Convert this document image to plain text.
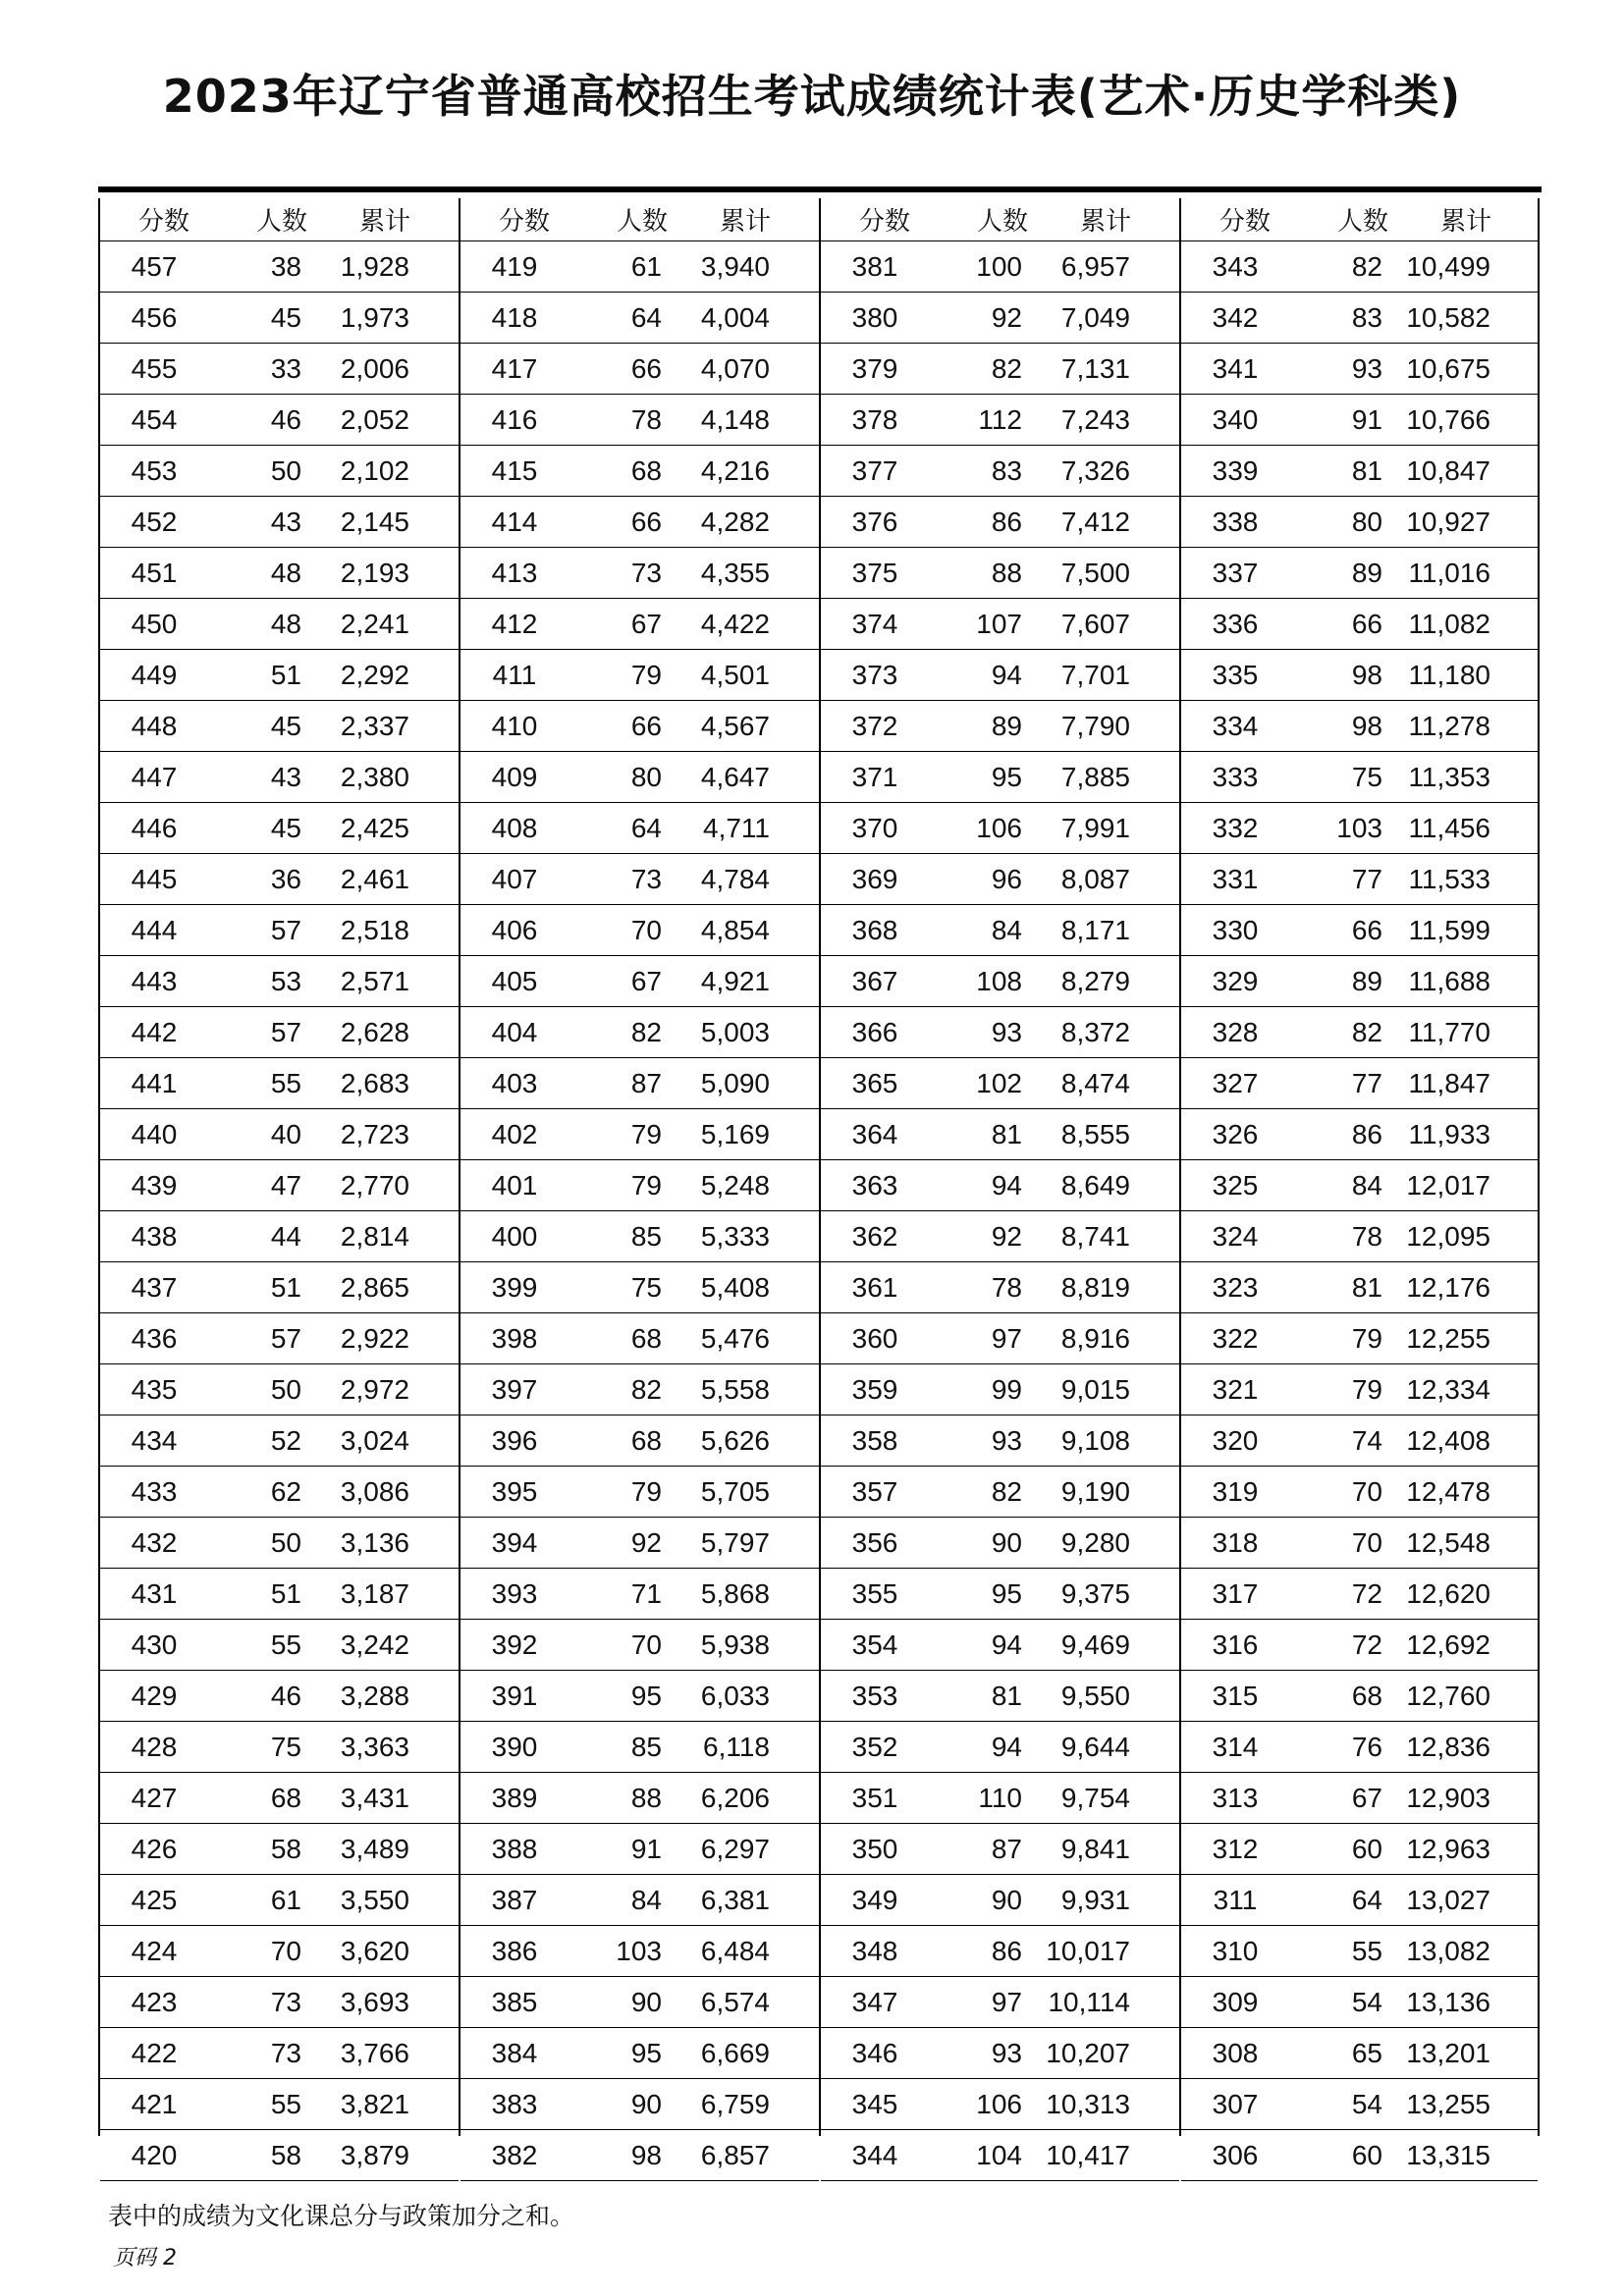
2023年辽宁省普通高校招生考试成绩统计表(艺术·历史学科类)
分数	人数	累计
457	38	1,928
456	45	1,973
455	33	2,006
454	46	2,052
453	50	2,102
452	43	2,145
451	48	2,193
450	48	2,241
449	51	2,292
448	45	2,337
447	43	2,380
446	45	2,425
445	36	2,461
444	57	2,518
443	53	2,571
442	57	2,628
441	55	2,683
440	40	2,723
439	47	2,770
438	44	2,814
437	51	2,865
436	57	2,922
435	50	2,972
434	52	3,024
433	62	3,086
432	50	3,136
431	51	3,187
430	55	3,242
429	46	3,288
428	75	3,363
427	68	3,431
426	58	3,489
425	61	3,550
424	70	3,620
423	73	3,693
422	73	3,766
421	55	3,821
420	58	3,879
分数	人数	累计
419	61	3,940
418	64	4,004
417	66	4,070
416	78	4,148
415	68	4,216
414	66	4,282
413	73	4,355
412	67	4,422
411	79	4,501
410	66	4,567
409	80	4,647
408	64	4,711
407	73	4,784
406	70	4,854
405	67	4,921
404	82	5,003
403	87	5,090
402	79	5,169
401	79	5,248
400	85	5,333
399	75	5,408
398	68	5,476
397	82	5,558
396	68	5,626
395	79	5,705
394	92	5,797
393	71	5,868
392	70	5,938
391	95	6,033
390	85	6,118
389	88	6,206
388	91	6,297
387	84	6,381
386	103	6,484
385	90	6,574
384	95	6,669
383	90	6,759
382	98	6,857
分数	人数	累计
381	100	6,957
380	92	7,049
379	82	7,131
378	112	7,243
377	83	7,326
376	86	7,412
375	88	7,500
374	107	7,607
373	94	7,701
372	89	7,790
371	95	7,885
370	106	7,991
369	96	8,087
368	84	8,171
367	108	8,279
366	93	8,372
365	102	8,474
364	81	8,555
363	94	8,649
362	92	8,741
361	78	8,819
360	97	8,916
359	99	9,015
358	93	9,108
357	82	9,190
356	90	9,280
355	95	9,375
354	94	9,469
353	81	9,550
352	94	9,644
351	110	9,754
350	87	9,841
349	90	9,931
348	86 10,017
347	97 10,114
346	93 10,207
345	106 10,313
344	104 10,417
分数	人数	累计
343	82 10,499
342	83 10,582
341	93 10,675
340	91 10,766
339	81 10,847
338	80 10,927
337	89 11,016
336	66 11,082
335	98 11,180
334	98 11,278
333	75 11,353
332	103 11,456
331	77 11,533
330	66 11,599
329	89 11,688
328	82 11,770
327	77 11,847
326	86 11,933
325	84 12,017
324	78 12,095
323	81 12,176
322	79 12,255
321	79 12,334
320	74 12,408
319	70 12,478
318	70 12,548
317	72 12,620
316	72 12,692
315	68 12,760
314	76 12,836
313	67 12,903
312	60 12,963
311	64 13,027
310	55 13,082
309	54 13,136
308	65 13,201
307	54 13,255
306	60 13,315

表中的成绩为文化课总分与政策加分之和。

页码 2
